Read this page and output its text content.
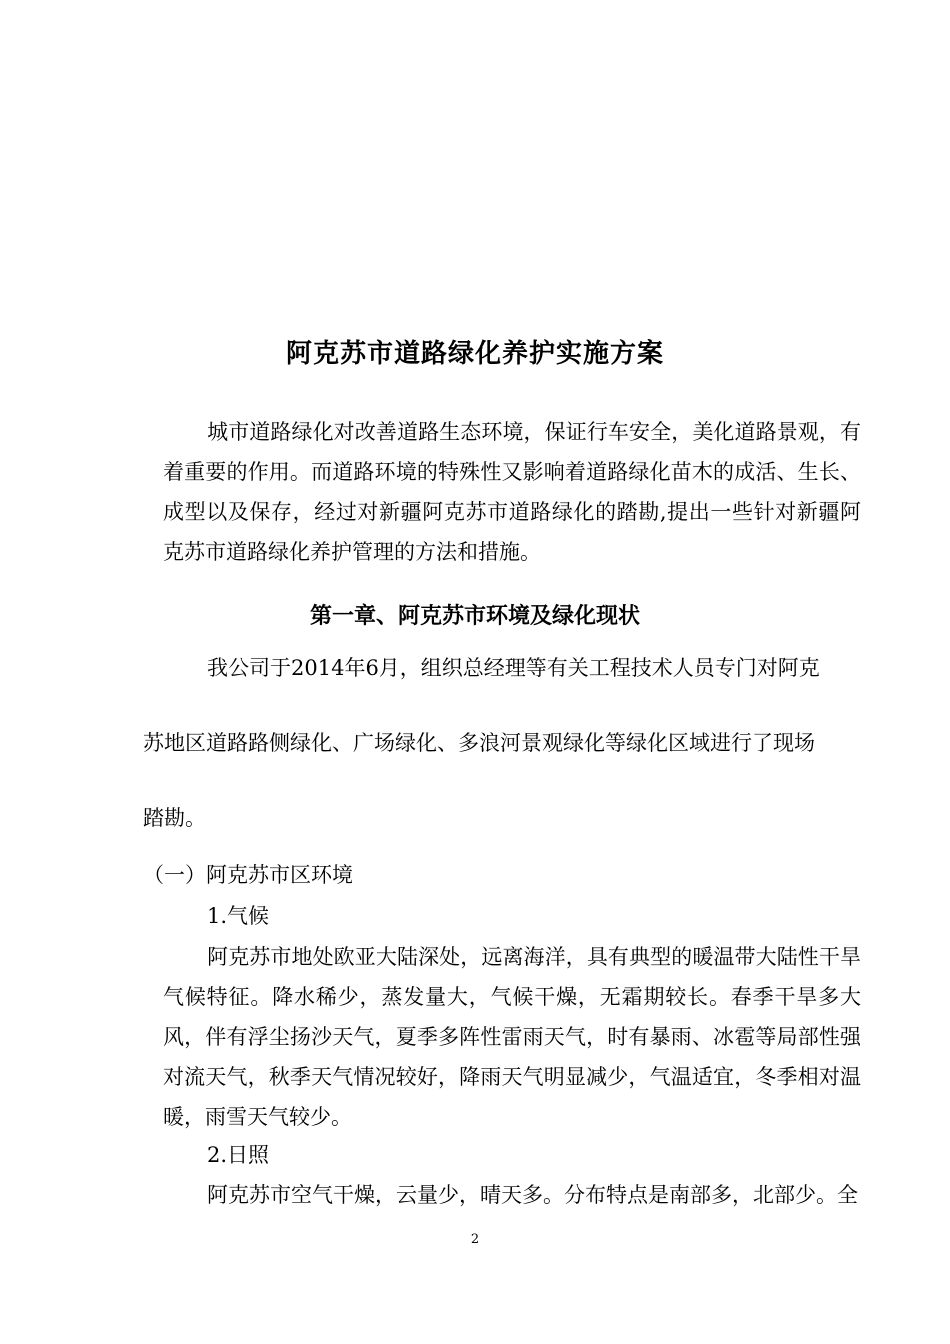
阿克苏市道路绿化养护实施方案
城市道路绿化对改善道路生态环境，保证行车安全，美化道路景观，有着重要的作用。而道路环境的特殊性又影响着道路绿化苗木的成活、生长、成型以及保存，经过对新疆阿克苏市道路绿化的踏勘,提出一些针对新疆阿克苏市道路绿化养护管理的方法和措施。
第一章、阿克苏市环境及绿化现状
我公司于2014年6月，组织总经理等有关工程技术人员专门对阿克
苏地区道路路侧绿化、广场绿化、多浪河景观绿化等绿化区域进行了现场
踏勘。
（一）阿克苏市区环境
1.气候
阿克苏市地处欧亚大陆深处，远离海洋，具有典型的暖温带大陆性干旱气候特征。降水稀少，蒸发量大，气候干燥，无霜期较长。春季干旱多大风，伴有浮尘扬沙天气，夏季多阵性雷雨天气，时有暴雨、冰雹等局部性强对流天气，秋季天气情况较好，降雨天气明显减少，气温适宜，冬季相对温暖，雨雪天气较少。
2.日照
阿克苏市空气干燥，云量少，晴天多。分布特点是南部多，北部少。全
2
